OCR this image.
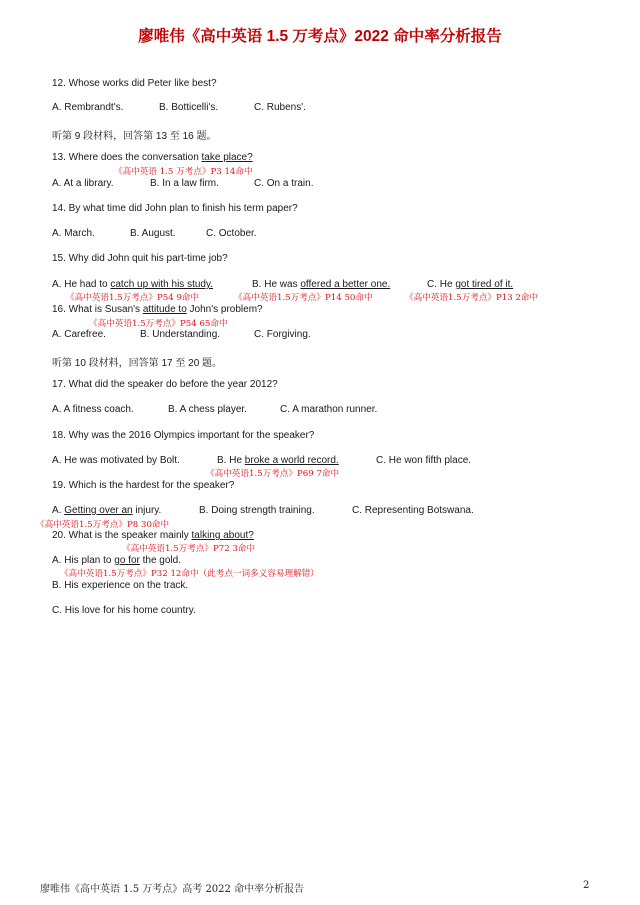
廖唯伟《高中英语 1.5 万考点》2022 命中率分析报告
12. Whose works did Peter like best?
A. Rembrandt's.	B. Botticelli's.	C. Rubens'.
听第 9 段材料，回答第 13 至 16 题。
13. Where does the conversation take place?
《高中英语 1.5 万考点》P3 14命中
A. At a library.	B. In a law firm.	C. On a train.
14. By what time did John plan to finish his term paper?
A. March.	B. August.	C. October.
15. Why did John quit his part-time job?
A. He had to catch up with his study.	B. He was offered a better one.	C. He got tired of it.
《高中英语1.5万考点》P54 9命中	《高中英语1.5万考点》P14 50命中	《高中英语1.5万考点》P13 2命中
16. What is Susan's attitude to John's problem?
《高中英语1.5万考点》P54 65命中
A. Carefree.	B. Understanding.	C. Forgiving.
听第 10 段材料，回答第 17 至 20 题。
17. What did the speaker do before the year 2012?
A. A fitness coach.	B. A chess player.	C. A marathon runner.
18. Why was the 2016 Olympics important for the speaker?
A. He was motivated by Bolt.	B. He broke a world record.	C. He won fifth place.
《高中英语1.5万考点》P69 7命中
19. Which is the hardest for the speaker?
A. Getting over an injury.	B. Doing strength training.	C. Representing Botswana.
《高中英语1.5万考点》P8 30命中
20. What is the speaker mainly talking about?
《高中英语1.5万考点》P72 3命中
A. His plan to go for the gold.
《高中英语1.5万考点》P32 12命中（此考点一词多义容易理解错）
B. His experience on the track.
C. His love for his home country.
廖唯伟《高中英语 1.5 万考点》高考 2022 命中率分析报告	2
